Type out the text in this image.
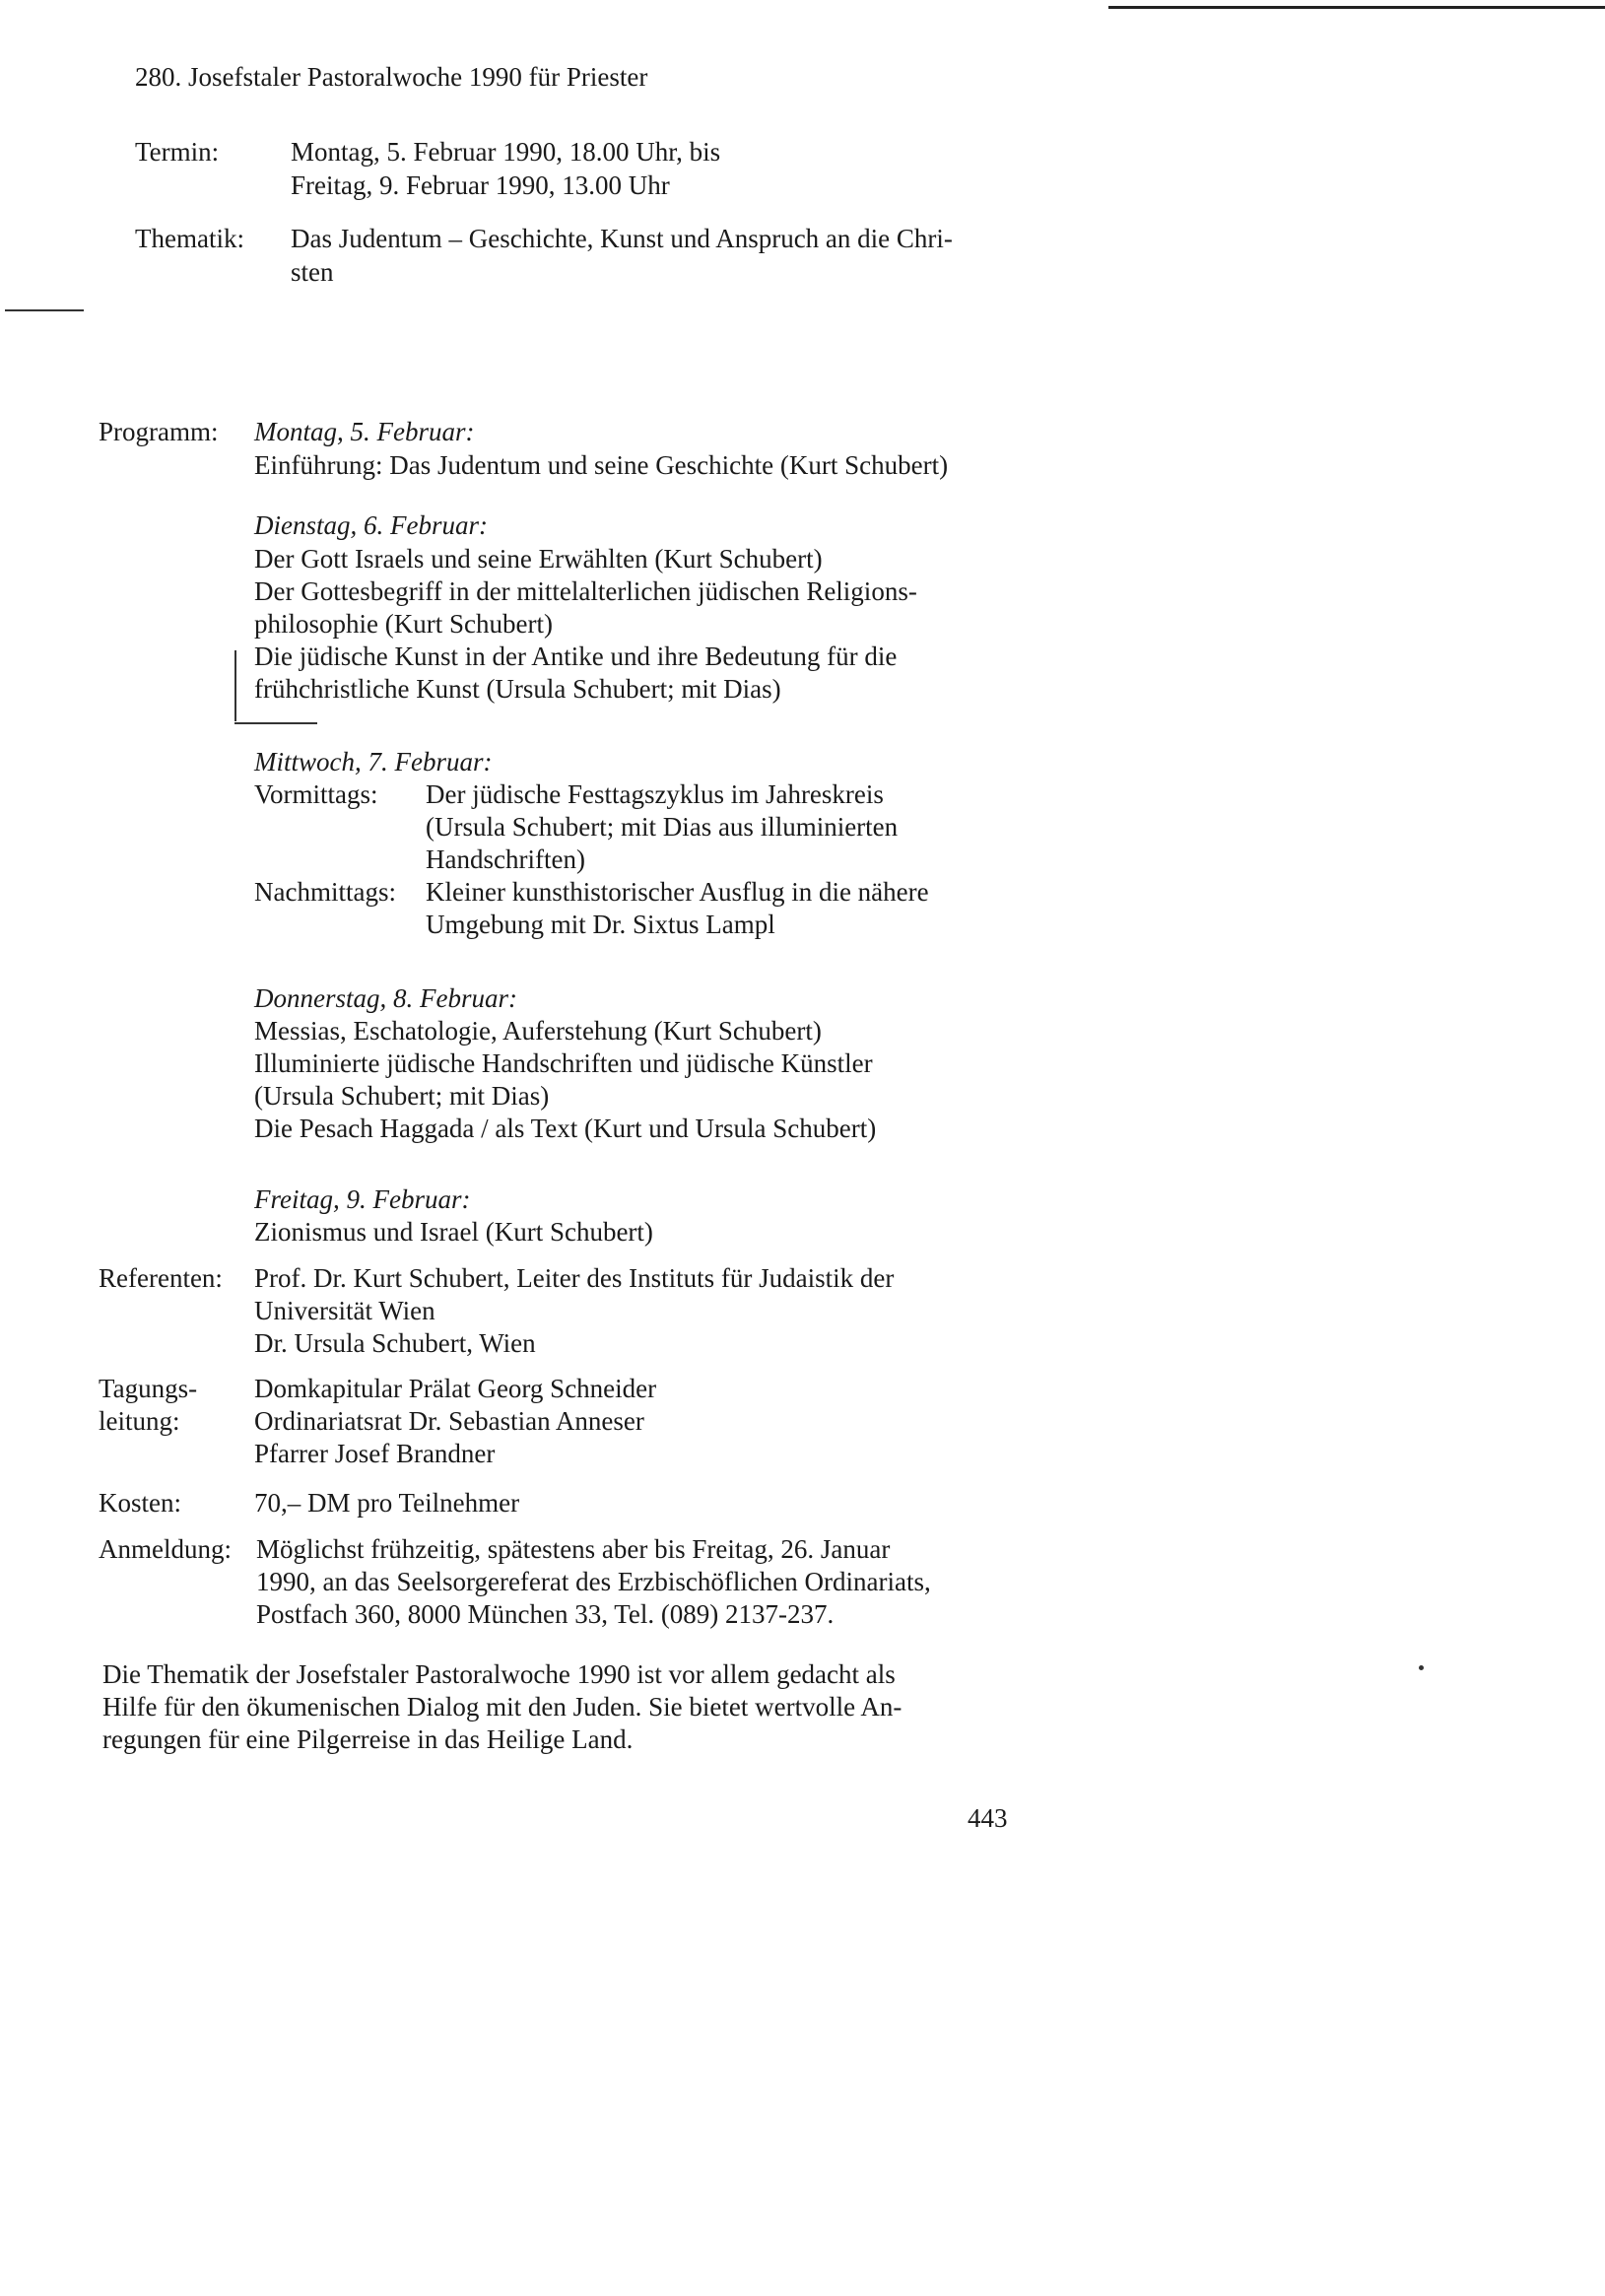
280. Josefstaler Pastoralwoche 1990 für Priester
Termin:	Montag, 5. Februar 1990, 18.00 Uhr, bis
Freitag, 9. Februar 1990, 13.00 Uhr
Thematik: Das Judentum – Geschichte, Kunst und Anspruch an die Chri-
sten
Programm: Montag, 5. Februar:
Einführung: Das Judentum und seine Geschichte (Kurt Schubert)
Dienstag, 6. Februar:
Der Gott Israels und seine Erwählten (Kurt Schubert)
Der Gottesbegriff in der mittelalterlichen jüdischen Religions-
philosophie (Kurt Schubert)
Die jüdische Kunst in der Antike und ihre Bedeutung für die
frühchristliche Kunst (Ursula Schubert; mit Dias)
Mittwoch, 7. Februar:
Vormittags: Der jüdische Festtagszyklus im Jahreskreis
(Ursula Schubert; mit Dias aus illuminierten
Handschriften)
Nachmittags: Kleiner kunsthistorischer Ausflug in die nähere
Umgebung mit Dr. Sixtus Lampl
Donnerstag, 8. Februar:
Messias, Eschatologie, Auferstehung (Kurt Schubert)
Illuminierte jüdische Handschriften und jüdische Künstler
(Ursula Schubert; mit Dias)
Die Pesach Haggada / als Text (Kurt und Ursula Schubert)
Freitag, 9. Februar:
Zionismus und Israel (Kurt Schubert)
Referenten: Prof. Dr. Kurt Schubert, Leiter des Instituts für Judaistik der
Universität Wien
Dr. Ursula Schubert, Wien
Tagungs-
leitung:
Domkapitular Prälat Georg Schneider
Ordinariatsrat Dr. Sebastian Anneser
Pfarrer Josef Brandner
Kosten:	70,– DM pro Teilnehmer
Anmeldung: Möglichst frühzeitig, spätestens aber bis Freitag, 26. Januar
1990, an das Seelsorgereferat des Erzbischöflichen Ordinariats,
Postfach 360, 8000 München 33, Tel. (089) 2137-237.
Die Thematik der Josefstaler Pastoralwoche 1990 ist vor allem gedacht als
Hilfe für den ökumenischen Dialog mit den Juden. Sie bietet wertvolle An-
regungen für eine Pilgerreise in das Heilige Land.
443
